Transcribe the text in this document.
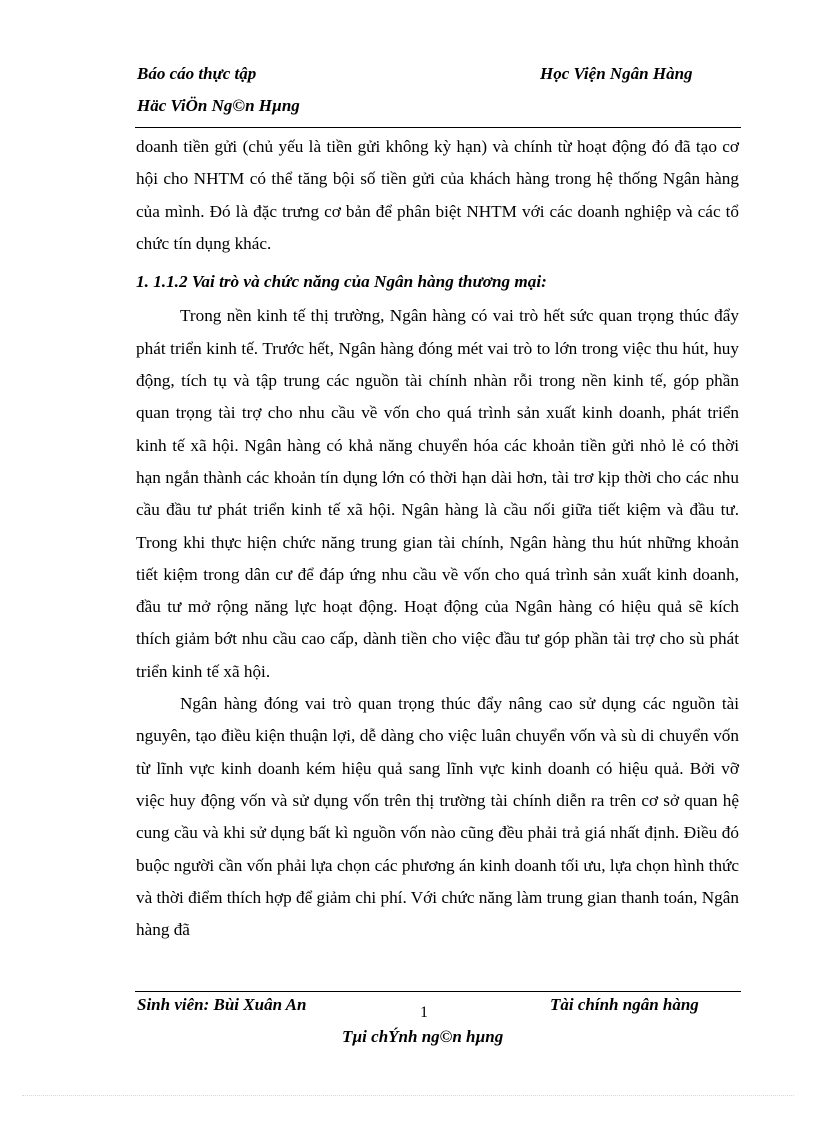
Báo cáo thực tập	Học Viện Ngân Hàng

Häc ViÖn Ng©n Hµng

doanh tiền gửi (chủ yếu là tiền gửi không kỳ hạn) và chính từ hoạt động đó đã tạo cơ hội cho NHTM có thể tăng bội số tiền gửi của khách hàng trong hệ thống Ngân hàng của mình. Đó là đặc trưng cơ bản để phân biệt NHTM với các doanh nghiệp và các tổ chức tín dụng khác.

1. 1.1.2 Vai trò và chức năng của Ngân hàng thương mại:

Trong nền kinh tế thị trường, Ngân hàng có vai trò hết sức quan trọng thúc đẩy phát triển kinh tế. Trước hết, Ngân hàng đóng mét vai trò to lớn trong việc thu hút, huy động, tích tụ và tập trung các nguồn tài chính nhàn rỗi trong nền kinh tế, góp phần quan trọng tài trợ cho nhu cầu về vốn cho quá trình sản xuất kinh doanh, phát triển kinh tế xã hội. Ngân hàng có khả năng chuyển hóa các khoản tiền gửi nhỏ lẻ có thời hạn ngắn thành các khoản tín dụng lớn có thời hạn dài hơn, tài trơ kịp thời cho các nhu cầu đầu tư phát triển kinh tế xã hội. Ngân hàng là cầu nối giữa tiết kiệm và đầu tư. Trong khi thực hiện chức năng trung gian tài chính, Ngân hàng thu hút những khoản tiết kiệm trong dân cư để đáp ứng nhu cầu về vốn cho quá trình sản xuất kinh doanh, đầu tư mở rộng năng lực hoạt động. Hoạt động của Ngân hàng có hiệu quả sẽ kích thích giảm bớt nhu cầu cao cấp, dành tiền cho việc đầu tư góp phần tài trợ cho sù phát triển kinh tế xã hội.

Ngân hàng đóng vai trò quan trọng thúc đẩy nâng cao sử dụng các nguồn tài nguyên, tạo điều kiện thuận lợi, dễ dàng cho việc luân chuyển vốn và sù di chuyển vốn từ lĩnh vực kinh doanh kém hiệu quả sang lĩnh vực kinh doanh có hiệu quả. Bởi vỡ việc huy động vốn và sử dụng vốn trên thị trường tài chính diễn ra trên cơ sở quan hệ cung cầu và khi sử dụng bất kì nguồn vốn nào cũng đều phải trả giá nhất định. Điều đó buộc người cần vốn phải lựa chọn các phương án kinh doanh tối ưu, lựa chọn hình thức và thời điểm thích hợp để giảm chi phí. Với chức năng làm trung gian thanh toán, Ngân hàng đã

Sinh viên: Bùi Xuân An	1	Tài chính ngân hàng

Tµi chÝnh ng©n hµng
